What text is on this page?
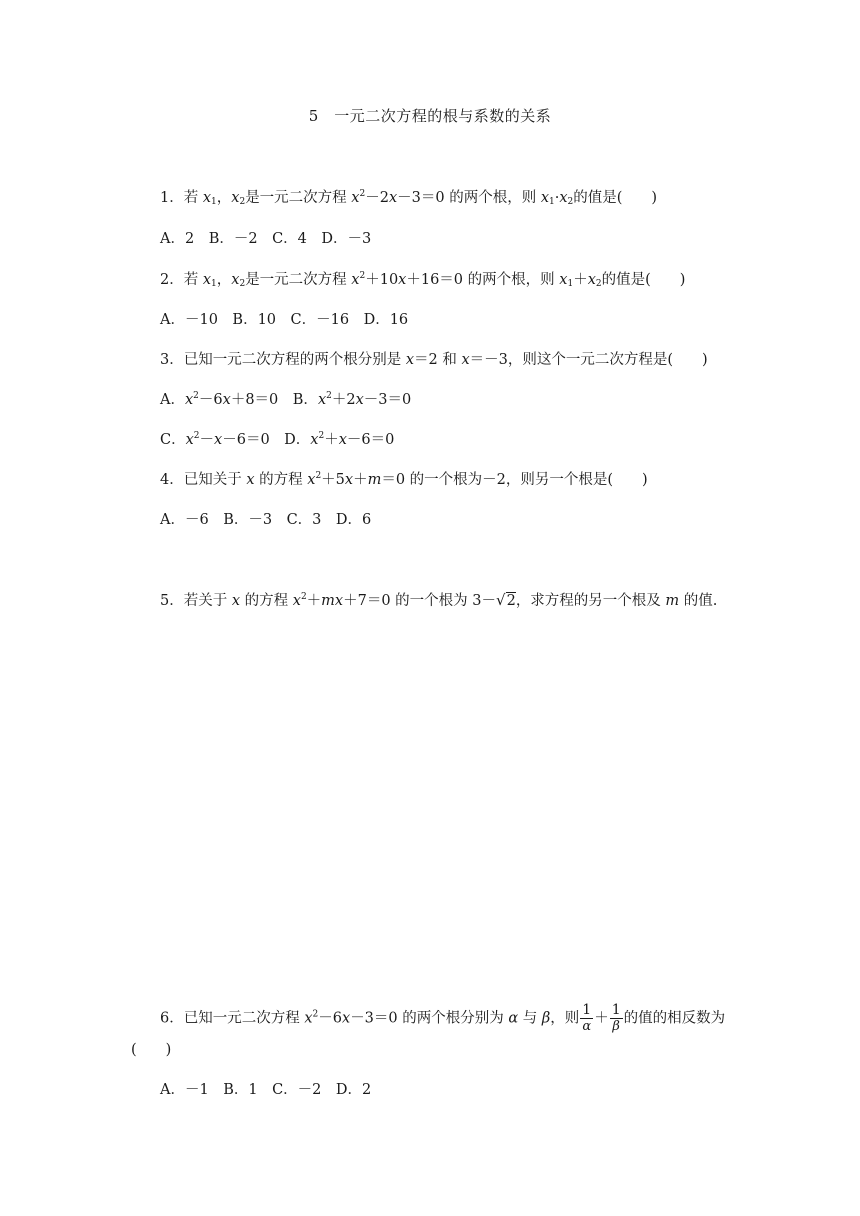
5　一元二次方程的根与系数的关系
1．若 $x_1$，$x_2$是一元二次方程 $x^2-2x-3=0$ 的两个根，则 $x_1\cdot x_2$的值是(　　)
A．2　B．－2　C．4　D．－3
2．若 $x_1$，$x_2$是一元二次方程 $x^2+10x+16=0$ 的两个根，则 $x_1+x_2$的值是(　　)
A．－10　B．10　C．－16　D．16
3．已知一元二次方程的两个根分别是 x＝2 和 x＝－3，则这个一元二次方程是(　　)
A．$x^2-6x+8=0$　B．$x^2+2x-3=0$
C．$x^2-x-6=0$　D．$x^2+x-6=0$
4．已知关于 x 的方程 $x^2+5x+m=0$ 的一个根为－2，则另一个根是(　　)
A．－6　B．－3　C．3　D．6
5．若关于 x 的方程 $x^2+mx+7=0$ 的一个根为 3－√2，求方程的另一个根及 m 的值.
6．已知一元二次方程 $x^2-6x-3=0$ 的两个根分别为 α 与 β，则 $\frac{1}{\alpha} + \frac{1}{\beta}$ 的值的相反数为
(　　)
A．－1　B．1　C．－2　D．2
